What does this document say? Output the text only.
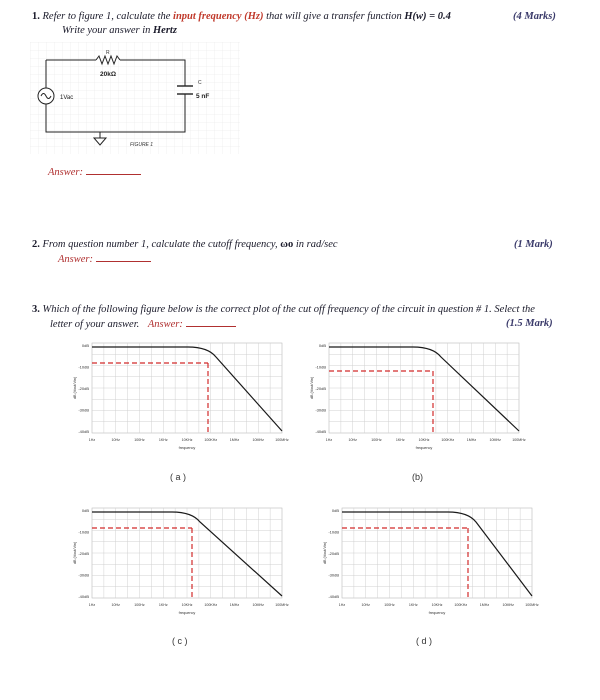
1. Refer to figure 1, calculate the input frequency (Hz) that will give a transfer function H(w) = 0.4
Write your answer in Hertz
(4 Marks)
R
20kΩ
1Vac
C
5 nF
FIGURE 1
Answer:
2. From question number 1, calculate the cutoff frequency, ωo in rad/sec	(1 Mark)
Answer:
3. Which of the following figure below is the correct plot of the cut off frequency of the circuit in question # 1. Select the
letter of your answer. Answer:	(1.5 Mark)
0dB
-10dB
-20dB
-30dB
-40dB
1Hz	10Hz	100Hz	1KHz	10KHz	100KHz	1MHz	10MHz	100MHz
dB (Vout/Vin)
frequency
0dB
-10dB
-20dB
-30dB
-40dB
1Hz	10Hz	100Hz	1KHz	10KHz	100KHz	1MHz	10MHz	100MHz
dB (Vout/Vin)
frequency
0dB
-10dB
-20dB
-30dB
-40dB
1Hz	10Hz	100Hz	1KHz	10KHz	100KHz	1MHz	10MHz	100MHz
dB (Vout/Vin)
frequency
0dB
-10dB
-20dB
-30dB
-40dB
1Hz	10Hz	100Hz	1KHz	10KHz	100KHz	1MHz	10MHz	100MHz
dB (Vout/Vin)
frequency
( a )	(b)
( c )	( d )
